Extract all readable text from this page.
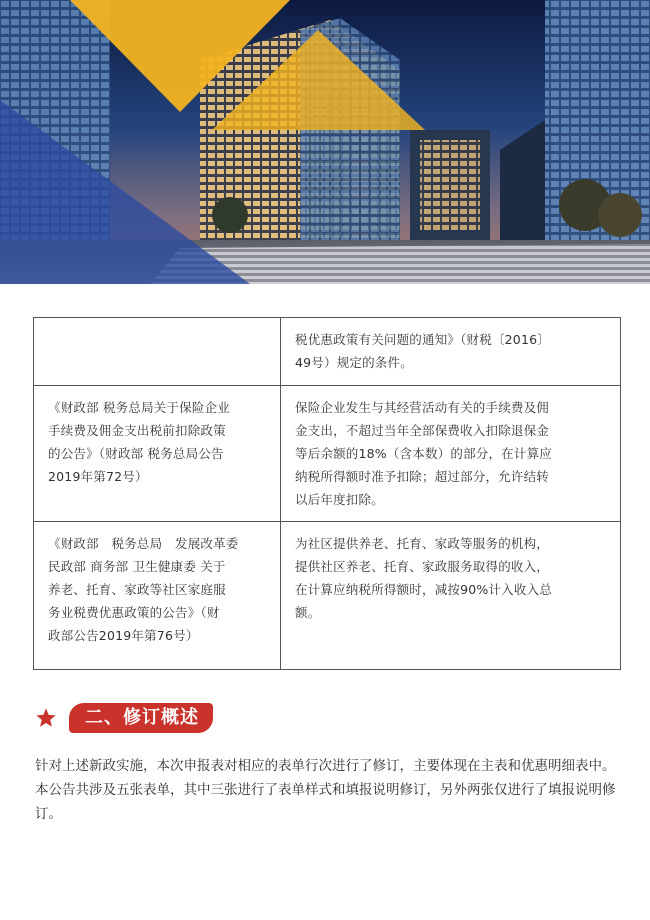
	税优惠政策有关问题的通知》（财税〔2016〕
49号）规定的条件。

《财政部 税务总局关于保险企业
手续费及佣金支出税前扣除政策
的公告》（财政部 税务总局公告
2019年第72号）	保险企业发生与其经营活动有关的手续费及佣
金支出，不超过当年全部保费收入扣除退保金
等后余额的18%（含本数）的部分，在计算应
纳税所得额时准予扣除；超过部分，允许结转
以后年度扣除。

《财政部　税务总局　发展改革委
民政部 商务部 卫生健康委 关于
养老、托育、家政等社区家庭服
务业税费优惠政策的公告》（财
政部公告2019年第76号）	为社区提供养老、托育、家政等服务的机构，
提供社区养老、托育、家政服务取得的收入，
在计算应纳税所得额时，减按90%计入收入总
额。
二、修订概述

针对上述新政实施，本次申报表对相应的表单行次进行了修订，主要体现在主表和优惠明细表中。

本公告共涉及五张表单，其中三张进行了表单样式和填报说明修订，另外两张仅进行了填报说明修订。
